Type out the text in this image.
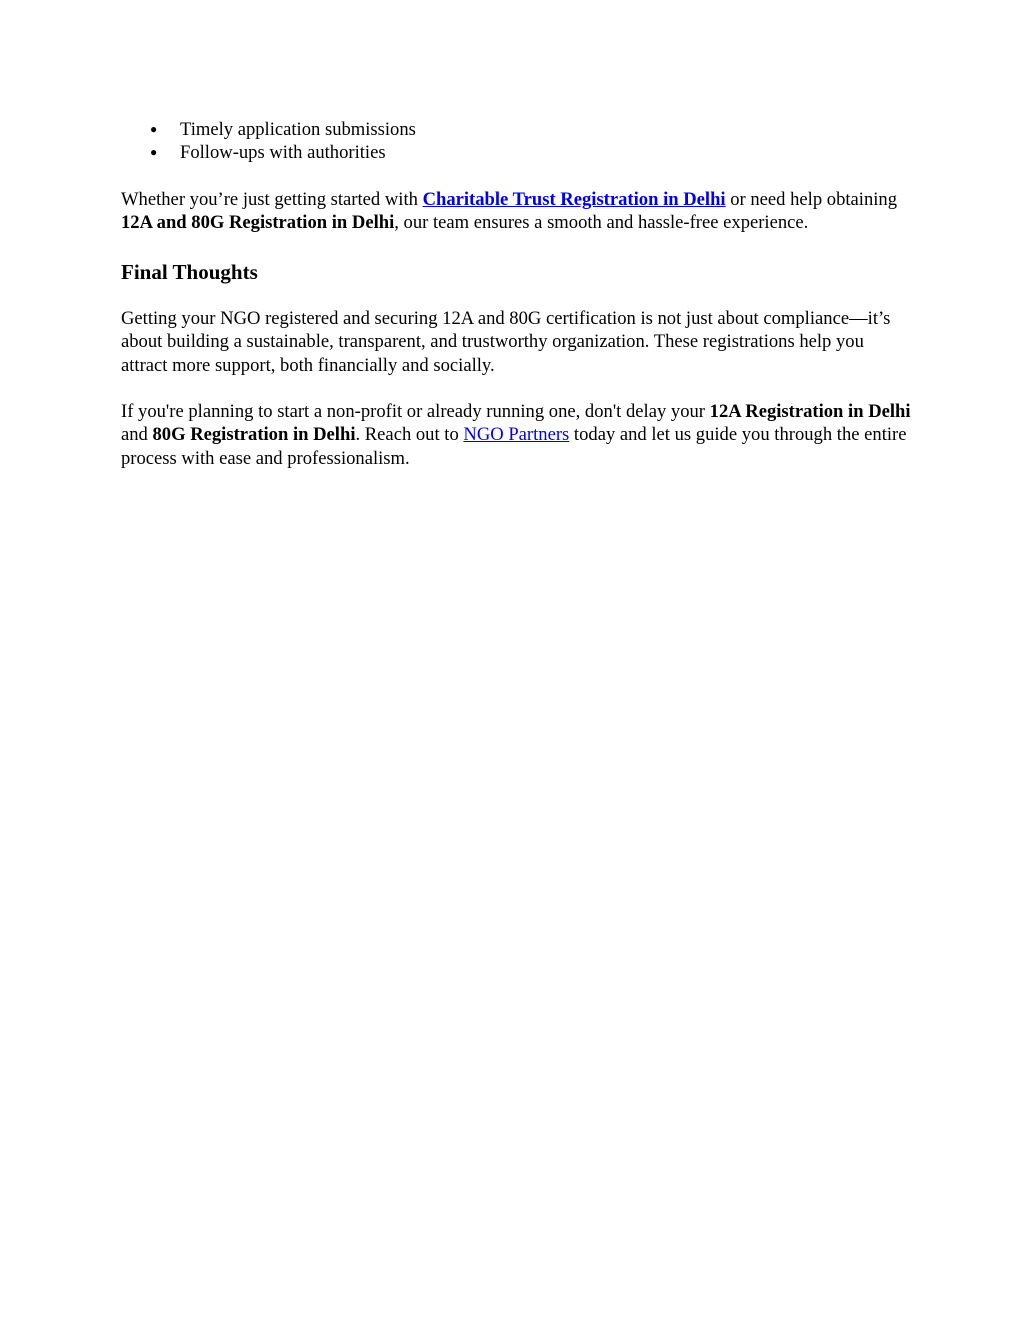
● Timely application submissions
● Follow-ups with authorities

Whether you’re just getting started with Charitable Trust Registration in Delhi or need help obtaining 12A and 80G Registration in Delhi, our team ensures a smooth and hassle-free experience.

Final Thoughts

Getting your NGO registered and securing 12A and 80G certification is not just about compliance—it’s about building a sustainable, transparent, and trustworthy organization. These registrations help you attract more support, both financially and socially.

If you're planning to start a non-profit or already running one, don't delay your 12A Registration in Delhi and 80G Registration in Delhi. Reach out to NGO Partners today and let us guide you through the entire process with ease and professionalism.
